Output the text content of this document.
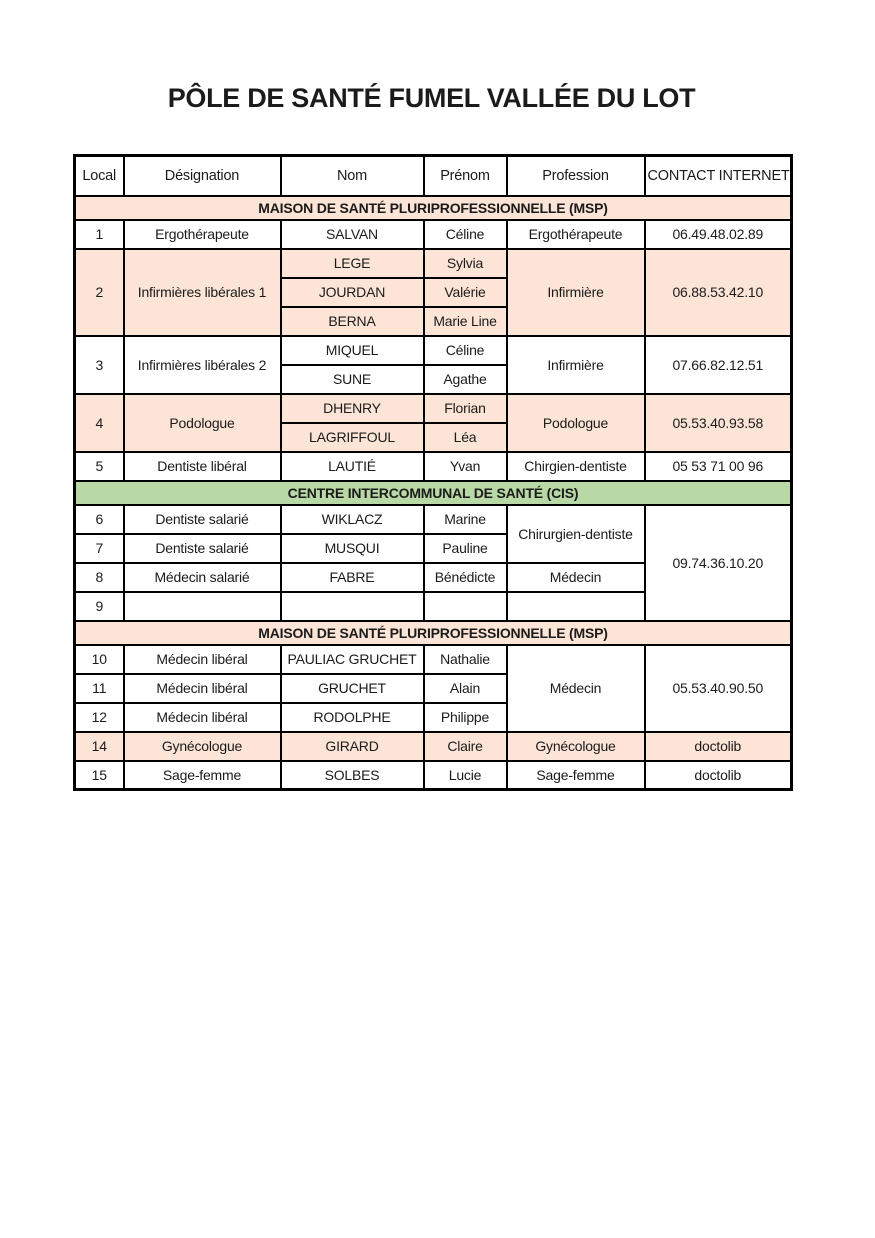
PÔLE DE SANTÉ FUMEL VALLÉE DU LOT
Local	Désignation	Nom	Prénom	Profession	CONTACT INTERNET
MAISON DE SANTÉ PLURIPROFESSIONNELLE (MSP)					
1	Ergothérapeute	SALVAN	Céline	Ergothérapeute	06.49.48.02.89
2	Infirmières libérales 1	LEGE	Sylvia	Infirmière	06.88.53.42.10
		JOURDAN	Valérie		
		BERNA	Marie Line		
3	Infirmières libérales 2	MIQUEL	Céline	Infirmière	07.66.82.12.51
		SUNE	Agathe		
4	Podologue	DHENRY	Florian	Podologue	05.53.40.93.58
		LAGRIFFOUL	Léa		
5	Dentiste libéral	LAUTIÉ	Yvan	Chirgien-dentiste	05 53 71 00 96
CENTRE INTERCOMMUNAL DE SANTÉ (CIS)					
6	Dentiste salarié	WIKLACZ	Marine	Chirurgien-dentiste	09.74.36.10.20
7	Dentiste salarié	MUSQUI	Pauline		
8	Médecin salarié	FABRE	Bénédicte	Médecin	
9					
MAISON DE SANTÉ PLURIPROFESSIONNELLE (MSP)					
10	Médecin libéral	PAULIAC GRUCHET	Nathalie	Médecin	05.53.40.90.50
11	Médecin libéral	GRUCHET	Alain		
12	Médecin libéral	RODOLPHE	Philippe		
14	Gynécologue	GIRARD	Claire	Gynécologue	doctolib
15	Sage-femme	SOLBES	Lucie	Sage-femme	doctolib
